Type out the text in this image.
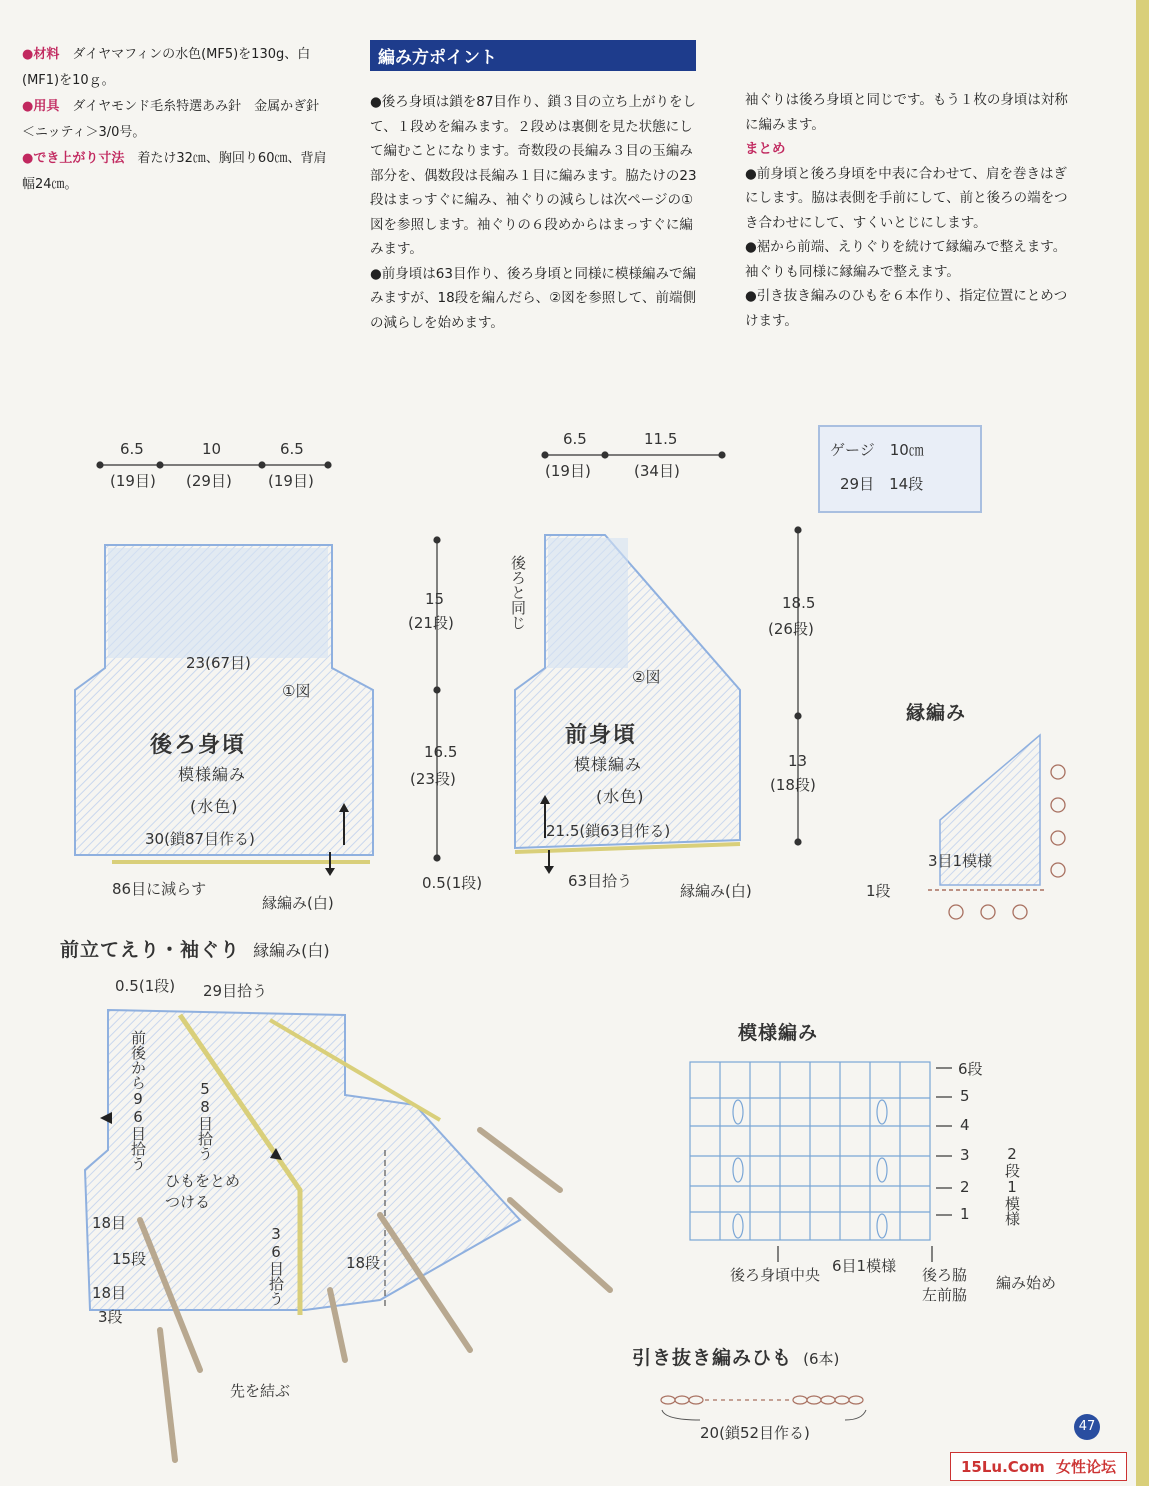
●材料　 ダイヤマフィンの水色(MF5)を130g、白(MF1)を10ｇ。
●用具　 ダイヤモンド毛糸特選あみ針　金属かぎ針＜ニッティ＞3/0号。
●でき上がり寸法　 着たけ32㎝、胸回り60㎝、背肩幅24㎝。
編み方ポイント

●後ろ身頃は鎖を87目作り、鎖３目の立ち上がりをして、１段めを編みます。２段めは裏側を見た状態にして編むことになります。奇数段の長編み３目の玉編み部分を、偶数段は長編み１目に編みます。脇たけの23段はまっすぐに編み、袖ぐりの減らしは次ページの①図を参照します。袖ぐりの６段めからはまっすぐに編みます。

●前身頃は63目作り、後ろ身頃と同様に模様編みで編みますが、18段を編んだら、②図を参照して、前端側の減らしを始めます。

袖ぐりは後ろ身頃と同じです。もう１枚の身頃は対称に編みます。

まとめ

●前身頃と後ろ身頃を中表に合わせて、肩を巻きはぎにします。脇は表側を手前にして、前と後ろの端をつき合わせにして、すくいとじにします。

●裾から前端、えりぐりを続けて縁編みで整えます。袖ぐりも同様に縁編みで整えます。

●引き抜き編みのひもを６本作り、指定位置にとめつけます。

ゲージ　 10㎝
29目　 14段
6.5	10	6.5
(19目) (29目) (19目)
23(67目)
①図
後ろ身頃
模様編み
(水色)
30(鎖87目作る)
86目に減らす
縁編み(白)
15
(21段)
16.5
(23段)
0.5(1段)
6.5	11.5
(19目)	(34目)
後ろと同じ
②図
前身頃
模様編み
(水色)
21.5(鎖63目作る)
63目拾う
縁編み(白)
18.5
(26段)
13
(18段)
縁編み
3目1模様
1段
前立てえり・袖ぐり 縁編み(白)
0.5(1段) 29目拾う
前後から96目拾う	58目拾う
ひもをとめつける
18目
15段
18目
3段
36目拾う	18段
先を結ぶ
模様編み
6段
5
4
3
2
1 2段1模様
後ろ身頃中央 6目1模様 後ろ脇
左前脇
編み始め
引き抜き編みひも (6本)
20(鎖52目作る)	47
15Lu.Com 女性论坛
